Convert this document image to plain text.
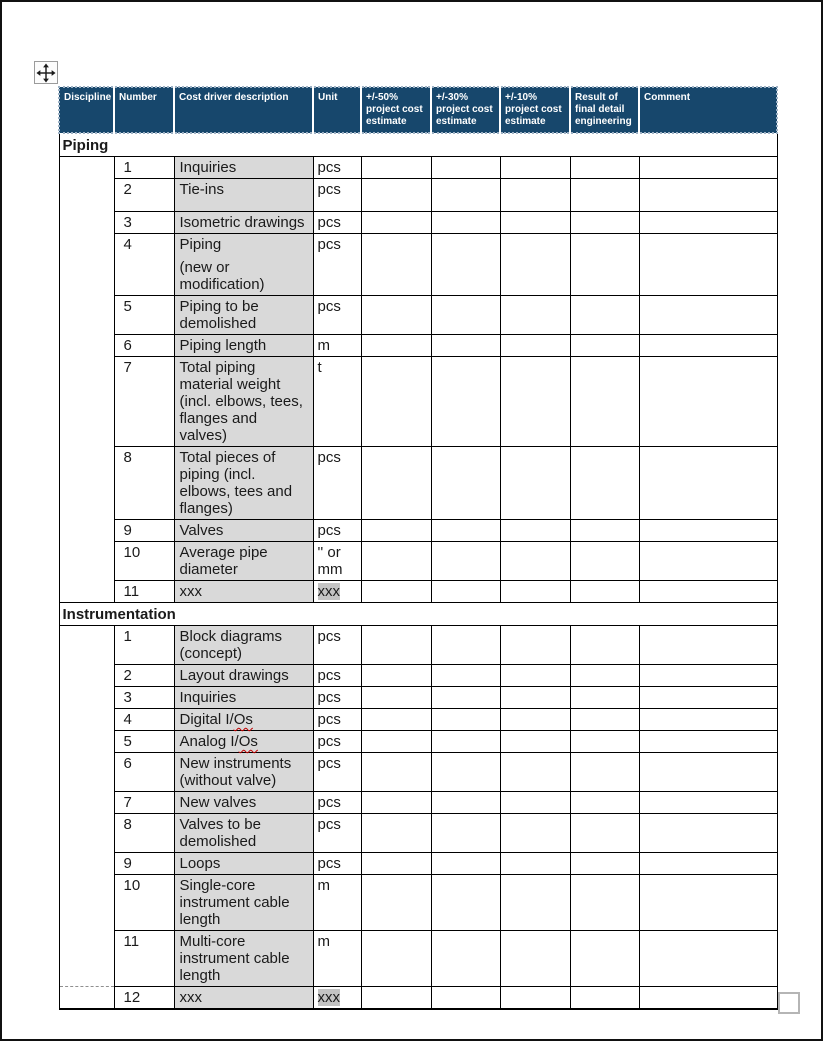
Discipline	Number	Cost driver description	Unit	+/-50% project cost estimate	+/-30% project cost estimate	+/-10% project cost estimate	Result of final detail engineering	Comment
Piping								
	1	Inquiries	pcs					
	2	Tie-ins	pcs					
	3	Isometric drawings	pcs					
	4	Piping
(new or modification)	pcs					
	5	Piping to be demolished	pcs					
	6	Piping length	m					
	7	Total piping material weight (incl. elbows, tees, flanges and valves)	t					
	8	Total pieces of piping (incl. elbows, tees and flanges)	pcs					
	9	Valves	pcs					
	10	Average pipe diameter	'' or mm					
	11	xxx	xxx					
Instrumentation								
	1	Block diagrams (concept)	pcs					
	2	Layout drawings	pcs					
	3	Inquiries	pcs					
	4	Digital I/Os	pcs					
	5	Analog I/Os	pcs					
	6	New instruments (without valve)	pcs					
	7	New valves	pcs					
	8	Valves to be demolished	pcs					
	9	Loops	pcs					
	10	Single-core instrument cable length	m					
	11	Multi-core instrument cable length	m					
	12	xxx	xxx					
